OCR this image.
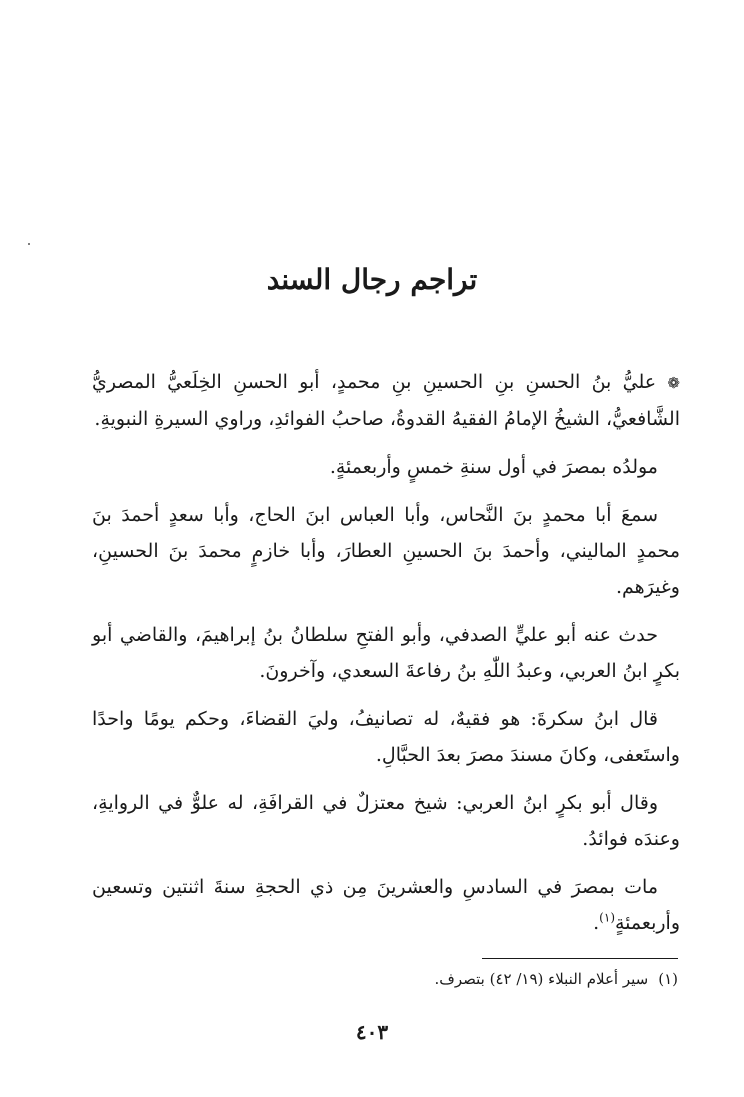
تراجم رجال السند

❁ عليُّ بنُ الحسنِ بنِ الحسينِ بنِ محمدٍ، أبو الحسنِ الخِلَعيُّ المصريُّ الشَّافعيُّ، الشيخُ الإمامُ الفقيهُ القدوةُ، صاحبُ الفوائدِ، وراوي السيرةِ النبويةِ.

مولدُه بمصرَ في أول سنةِ خمسٍ وأربعمئةٍ.

سمعَ أبا محمدٍ بنَ النَّحاس، وأبا العباس ابنَ الحاج، وأبا سعدٍ أحمدَ بنَ محمدٍ الماليني، وأحمدَ بنَ الحسينِ العطارَ، وأبا خازمٍ محمدَ بنَ الحسينِ، وغيرَهم.

حدث عنه أبو عليٍّ الصدفي، وأبو الفتحِ سلطانُ بنُ إبراهيمَ، والقاضي أبو بكرٍ ابنُ العربي، وعبدُ اللّٰهِ بنُ رفاعةَ السعدي، وآخرونَ.

قال ابنُ سكرةَ: هو فقيهٌ، له تصانيفُ، وليَ القضاءَ، وحكم يومًا واحدًا واستَعفى، وكانَ مسندَ مصرَ بعدَ الحبَّالِ.

وقال أبو بكرٍ ابنُ العربي: شيخ معتزلٌ في القرافَةِ، له علوٌّ في الروايةِ، وعندَه فوائدُ.

مات بمصرَ في السادسِ والعشرينَ مِن ذي الحجةِ سنةَ اثنتين وتسعين وأربعمئةٍ$^{(١)}$.

(١)سير أعلام النبلاء (١٩/ ٤٢) بتصرف.
٤٠٣
